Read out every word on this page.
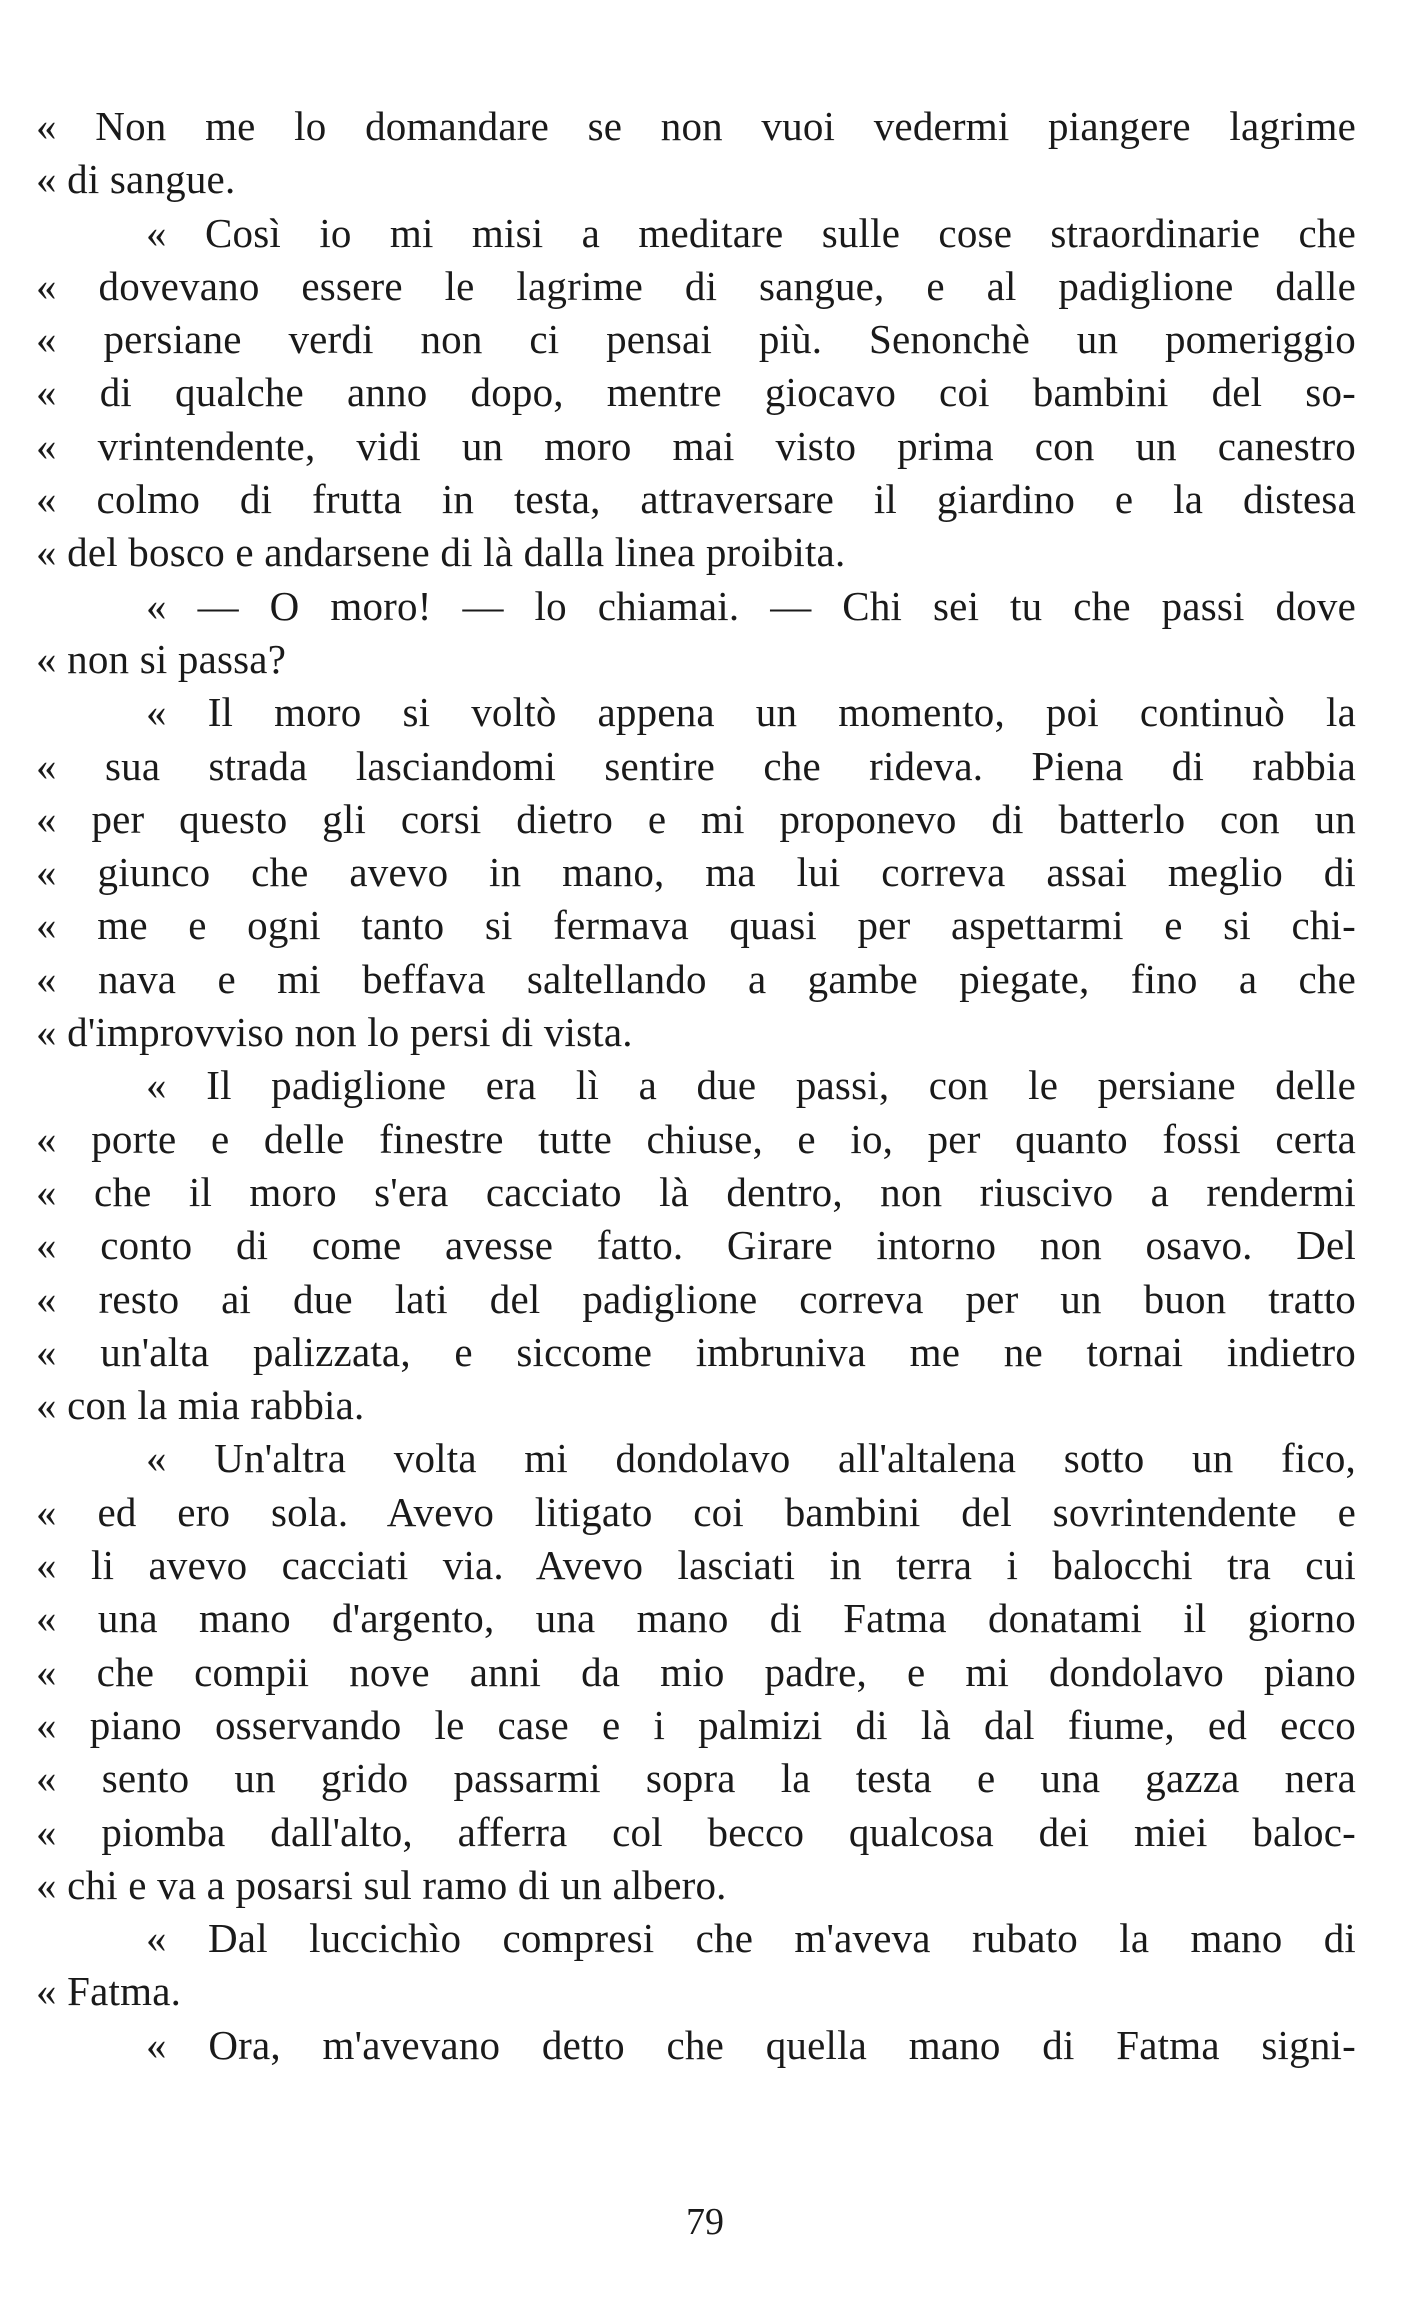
« Non me lo domandare se non vuoi vedermi piangere lagrime
« di sangue.
« Così io mi misi a meditare sulle cose straordinarie che
« dovevano essere le lagrime di sangue, e al padiglione dalle
« persiane verdi non ci pensai più. Senonchè un pomeriggio
« di qualche anno dopo, mentre giocavo coi bambini del so-
« vrintendente, vidi un moro mai visto prima con un canestro
« colmo di frutta in testa, attraversare il giardino e la distesa
« del bosco e andarsene di là dalla linea proibita.
« — O moro! — lo chiamai. — Chi sei tu che passi dove
« non si passa?
« Il moro si voltò appena un momento, poi continuò la
« sua strada lasciandomi sentire che rideva. Piena di rabbia
« per questo gli corsi dietro e mi proponevo di batterlo con un
« giunco che avevo in mano, ma lui correva assai meglio di
« me e ogni tanto si fermava quasi per aspettarmi e si chi-
« nava e mi beffava saltellando a gambe piegate, fino a che
« d'improvviso non lo persi di vista.
« Il padiglione era lì a due passi, con le persiane delle
« porte e delle finestre tutte chiuse, e io, per quanto fossi certa
« che il moro s'era cacciato là dentro, non riuscivo a rendermi
« conto di come avesse fatto. Girare intorno non osavo. Del
« resto ai due lati del padiglione correva per un buon tratto
« un'alta palizzata, e siccome imbruniva me ne tornai indietro
« con la mia rabbia.
« Un'altra volta mi dondolavo all'altalena sotto un fico,
« ed ero sola. Avevo litigato coi bambini del sovrintendente e
« li avevo cacciati via. Avevo lasciati in terra i balocchi tra cui
« una mano d'argento, una mano di Fatma donatami il giorno
« che compii nove anni da mio padre, e mi dondolavo piano
« piano osservando le case e i palmizi di là dal fiume, ed ecco
« sento un grido passarmi sopra la testa e una gazza nera
« piomba dall'alto, afferra col becco qualcosa dei miei baloc-
« chi e va a posarsi sul ramo di un albero.
« Dal luccichìo compresi che m'aveva rubato la mano di
« Fatma.
« Ora, m'avevano detto che quella mano di Fatma signi-
79
